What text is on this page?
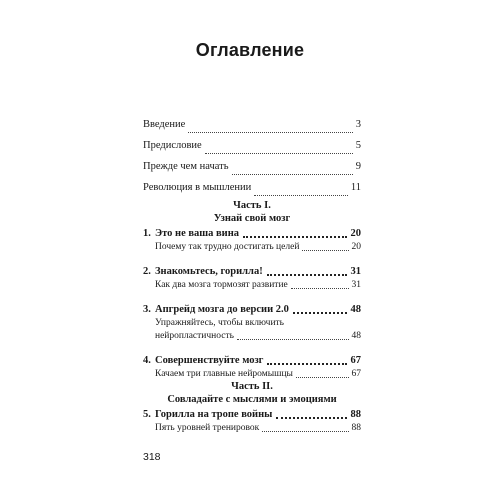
Оглавление
Введение	3
Предисловие	5
Прежде чем начать	9
Революция в мышлении	11
Часть I.
Узнай свой мозг
1. Это не ваша вина	20
Почему так трудно достигать целей	20
2. Знакомьтесь, горилла!	31
Как два мозга тормозят развитие	31
3. Апгрейд мозга до версии 2.0	48
Упражняйтесь, чтобы включить
нейропластичность	48
4. Совершенствуйте мозг	67
Качаем три главные нейромышцы	67
Часть II.
Совладайте с мыслями и эмоциями
5. Горилла на тропе войны	88
Пять уровней тренировок	88
318
